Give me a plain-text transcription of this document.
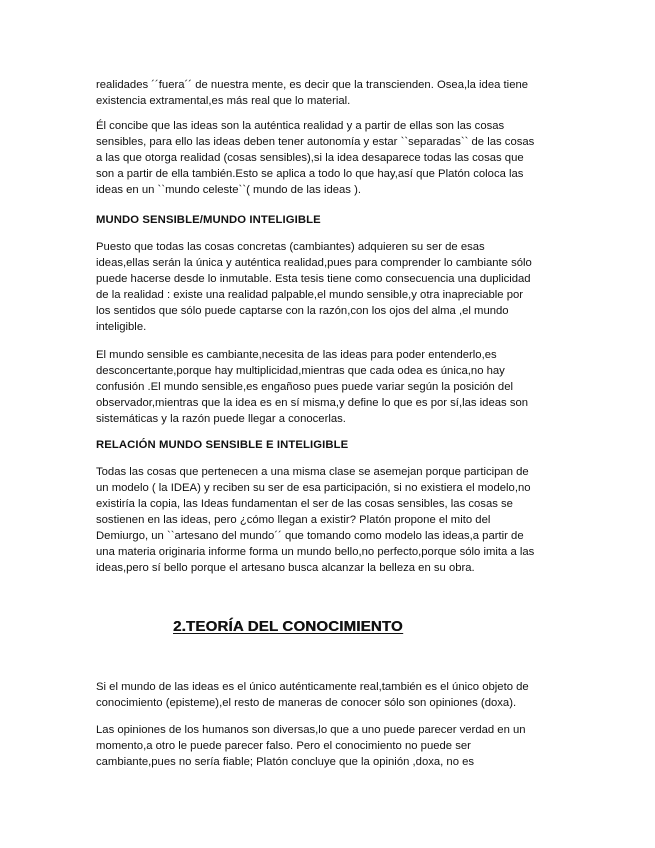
realidades ´´fuera´´ de nuestra mente, es decir que la transcienden. Osea,la idea tiene
existencia extramental,es más real que lo material.

Él concibe que las ideas son la auténtica realidad y a partir de ellas son las cosas
sensibles, para ello las ideas deben tener autonomía y estar ``separadas`` de las cosas
a las que otorga realidad (cosas sensibles),si la idea desaparece todas las cosas que
son a partir de ella también.Esto se aplica a todo lo que hay,así que Platón coloca las
ideas en un ``mundo celeste``( mundo de las ideas ).

MUNDO SENSIBLE/MUNDO INTELIGIBLE

Puesto que todas las cosas concretas (cambiantes) adquieren su ser de esas
ideas,ellas serán la única y auténtica realidad,pues para comprender lo cambiante sólo
puede hacerse desde lo inmutable. Esta tesis tiene como consecuencia una duplicidad
de la realidad : existe una realidad palpable,el mundo sensible,y otra inapreciable por
los sentidos que sólo puede captarse con la razón,con los ojos del alma ,el mundo
inteligible.

El mundo sensible es cambiante,necesita de las ideas para poder entenderlo,es
desconcertante,porque hay multiplicidad,mientras que cada odea es única,no hay
confusión .El mundo sensible,es engañoso pues puede variar según la posición del
observador,mientras que la idea es en sí misma,y define lo que es por sí,las ideas son
sistemáticas y la razón puede llegar a conocerlas.

RELACIÓN MUNDO SENSIBLE E INTELIGIBLE

Todas las cosas que pertenecen a una misma clase se asemejan porque participan de
un modelo ( la IDEA) y reciben su ser de esa participación, si no existiera el modelo,no
existiría la copia, las Ideas fundamentan el ser de las cosas sensibles, las cosas se
sostienen en las ideas, pero ¿cómo llegan a existir? Platón propone el mito del
Demiurgo, un ``artesano del mundo´´ que tomando como modelo las ideas,a partir de
una materia originaria informe forma un mundo bello,no perfecto,porque sólo imita a las
ideas,pero sí bello porque el artesano busca alcanzar la belleza en su obra.

2.TEORÍA DEL CONOCIMIENTO

Si el mundo de las ideas es el único auténticamente real,también es el único objeto de
conocimiento (episteme),el resto de maneras de conocer sólo son opiniones (doxa).

Las opiniones de los humanos son diversas,lo que a uno puede parecer verdad en un
momento,a otro le puede parecer falso. Pero el conocimiento no puede ser
cambiante,pues no sería fiable; Platón concluye que la opinión ,doxa, no es
